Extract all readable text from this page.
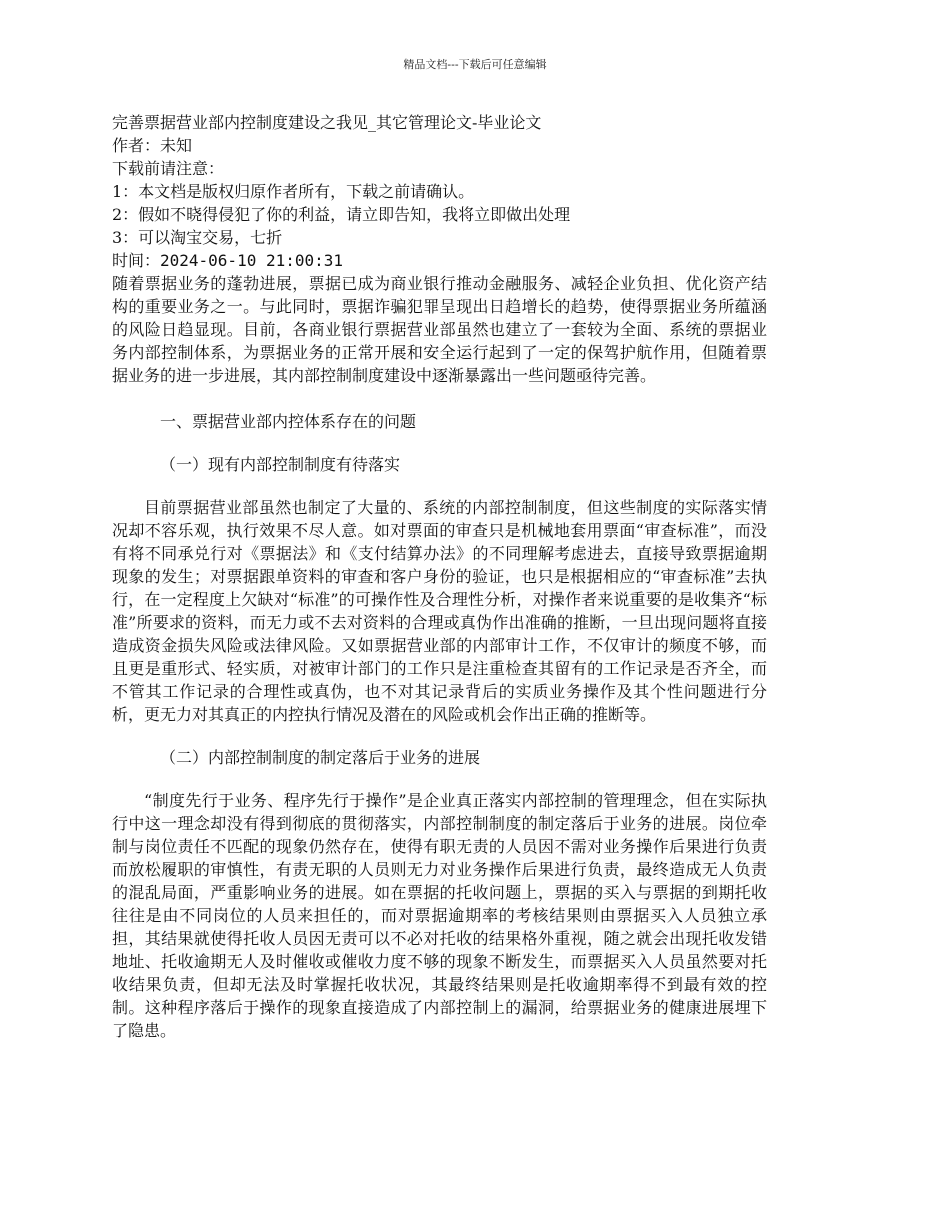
精品文档---下载后可任意编辑

完善票据营业部内控制度建设之我见_其它管理论文-毕业论文

作者：未知

下载前请注意：

1：本文档是版权归原作者所有，下载之前请确认。

2：假如不晓得侵犯了你的利益，请立即告知，我将立即做出处理

3：可以淘宝交易，七折

时间：2024-06-10 21:00:31

随着票据业务的蓬勃进展，票据已成为商业银行推动金融服务、减轻企业负担、优化资产结构的重要业务之一。与此同时，票据诈骗犯罪呈现出日趋增长的趋势，使得票据业务所蕴涵的风险日趋显现。目前，各商业银行票据营业部虽然也建立了一套较为全面、系统的票据业务内部控制体系，为票据业务的正常开展和安全运行起到了一定的保驾护航作用，但随着票据业务的进一步进展，其内部控制制度建设中逐渐暴露出一些问题亟待完善。

一、票据营业部内控体系存在的问题

（一）现有内部控制制度有待落实

目前票据营业部虽然也制定了大量的、系统的内部控制制度，但这些制度的实际落实情况却不容乐观，执行效果不尽人意。如对票面的审查只是机械地套用票面“审查标准”，而没有将不同承兑行对《票据法》和《支付结算办法》的不同理解考虑进去，直接导致票据逾期现象的发生；对票据跟单资料的审查和客户身份的验证，也只是根据相应的“审查标准”去执行，在一定程度上欠缺对“标准”的可操作性及合理性分析，对操作者来说重要的是收集齐“标准”所要求的资料，而无力或不去对资料的合理或真伪作出准确的推断，一旦出现问题将直接造成资金损失风险或法律风险。又如票据营业部的内部审计工作，不仅审计的频度不够，而且更是重形式、轻实质，对被审计部门的工作只是注重检查其留有的工作记录是否齐全，而不管其工作记录的合理性或真伪，也不对其记录背后的实质业务操作及其个性问题进行分析，更无力对其真正的内控执行情况及潜在的风险或机会作出正确的推断等。

（二）内部控制制度的制定落后于业务的进展

“制度先行于业务、程序先行于操作”是企业真正落实内部控制的管理理念，但在实际执行中这一理念却没有得到彻底的贯彻落实，内部控制制度的制定落后于业务的进展。岗位牵制与岗位责任不匹配的现象仍然存在，使得有职无责的人员因不需对业务操作后果进行负责而放松履职的审慎性，有责无职的人员则无力对业务操作后果进行负责，最终造成无人负责的混乱局面，严重影响业务的进展。如在票据的托收问题上，票据的买入与票据的到期托收往往是由不同岗位的人员来担任的，而对票据逾期率的考核结果则由票据买入人员独立承担，其结果就使得托收人员因无责可以不必对托收的结果格外重视，随之就会出现托收发错地址、托收逾期无人及时催收或催收力度不够的现象不断发生，而票据买入人员虽然要对托收结果负责，但却无法及时掌握托收状况，其最终结果则是托收逾期率得不到最有效的控制。这种程序落后于操作的现象直接造成了内部控制上的漏洞，给票据业务的健康进展埋下了隐患。
